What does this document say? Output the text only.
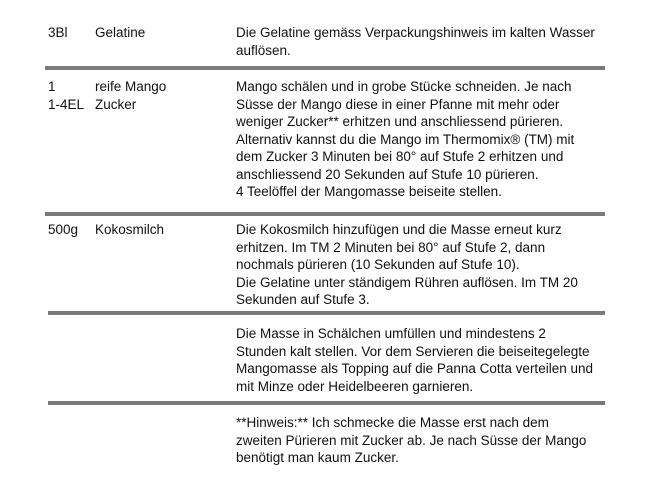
3Bl Gelatine	Die Gelatine gemäss Verpackungshinweis im kalten Wasser
auflösen.
1
1-4EL
reife Mango
Zucker
Mango schälen und in grobe Stücke schneiden. Je nach
Süsse der Mango diese in einer Pfanne mit mehr oder
weniger Zucker** erhitzen und anschliessend pürieren.
Alternativ kannst du die Mango im Thermomix® (TM) mit
dem Zucker 3 Minuten bei 80° auf Stufe 2 erhitzen und
anschliessend 20 Sekunden auf Stufe 10 pürieren.
4 Teelöffel der Mangomasse beiseite stellen.
500g Kokosmilch	Die Kokosmilch hinzufügen und die Masse erneut kurz
erhitzen. Im TM 2 Minuten bei 80° auf Stufe 2, dann
nochmals pürieren (10 Sekunden auf Stufe 10).
Die Gelatine unter ständigem Rühren auflösen. Im TM 20
Sekunden auf Stufe 3.
Die Masse in Schälchen umfüllen und mindestens 2
Stunden kalt stellen. Vor dem Servieren die beiseitegelegte
Mangomasse als Topping auf die Panna Cotta verteilen und
mit Minze oder Heidelbeeren garnieren.
**Hinweis:** Ich schmecke die Masse erst nach dem
zweiten Pürieren mit Zucker ab. Je nach Süsse der Mango
benötigt man kaum Zucker.
